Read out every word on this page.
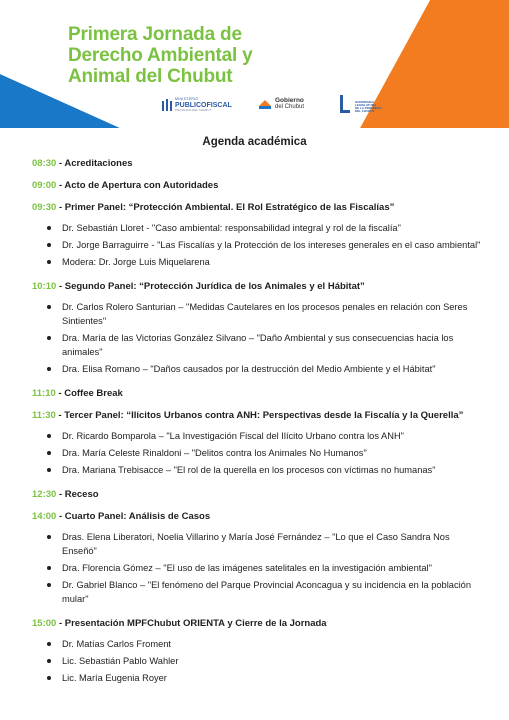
Primera Jornada de
Derecho Ambiental y
Animal del Chubut
MINISTERIO
PUBLICOFISCAL
PROVINCIA DEL CHUBUT
Gobierno
del Chubut
HONORABLE
LEGISLATURA
DE LA PROVINCIA
DEL CHUBUT
Agenda académica
08:30 - Acreditaciones
09:00 - Acto de Apertura con Autoridades
09:30 - Primer Panel: “Protección Ambiental. El Rol Estratégico de las Fiscalías”
Dr. Sebastián Lloret - "Caso ambiental: responsabilidad integral y rol de la fiscalía"
Dr. Jorge Barraguirre - "Las Fiscalías y la Protección de los intereses generales en el caso ambiental"
Modera: Dr. Jorge Luis Miquelarena
10:10 - Segundo Panel: “Protección Jurídica de los Animales y el Hábitat”
Dr. Carlos Rolero Santurian – "Medidas Cautelares en los procesos penales en relación con Seres Sintientes"
Dra. María de las Victorias González Silvano – "Daño Ambiental y sus consecuencias hacia los animales"
Dra. Elisa Romano – "Daños causados por la destrucción del Medio Ambiente y el Hábitat"
11:10 - Coffee Break
11:30 - Tercer Panel: “Ilícitos Urbanos contra ANH: Perspectivas desde la Fiscalía y la Querella”
Dr. Ricardo Bomparola – "La Investigación Fiscal del Ilícito Urbano contra los ANH"
Dra. María Celeste Rinaldoni – "Delitos contra los Animales No Humanos"
Dra. Mariana Trebisacce – "El rol de la querella en los procesos con víctimas no humanas"
12:30 - Receso
14:00 - Cuarto Panel: Análisis de Casos
Dras. Elena Liberatori, Noelia Villarino y María José Fernández – "Lo que el Caso Sandra Nos Enseñó"
Dra. Florencia Gómez – "El uso de las imágenes satelitales en la investigación ambiental"
Dr. Gabriel Blanco – "El fenómeno del Parque Provincial Aconcagua y su incidencia en la población mular"
15:00 - Presentación MPFChubut ORIENTA y Cierre de la Jornada
Dr. Matías Carlos Froment
Lic. Sebastián Pablo Wahler
Lic. María Eugenia Royer
